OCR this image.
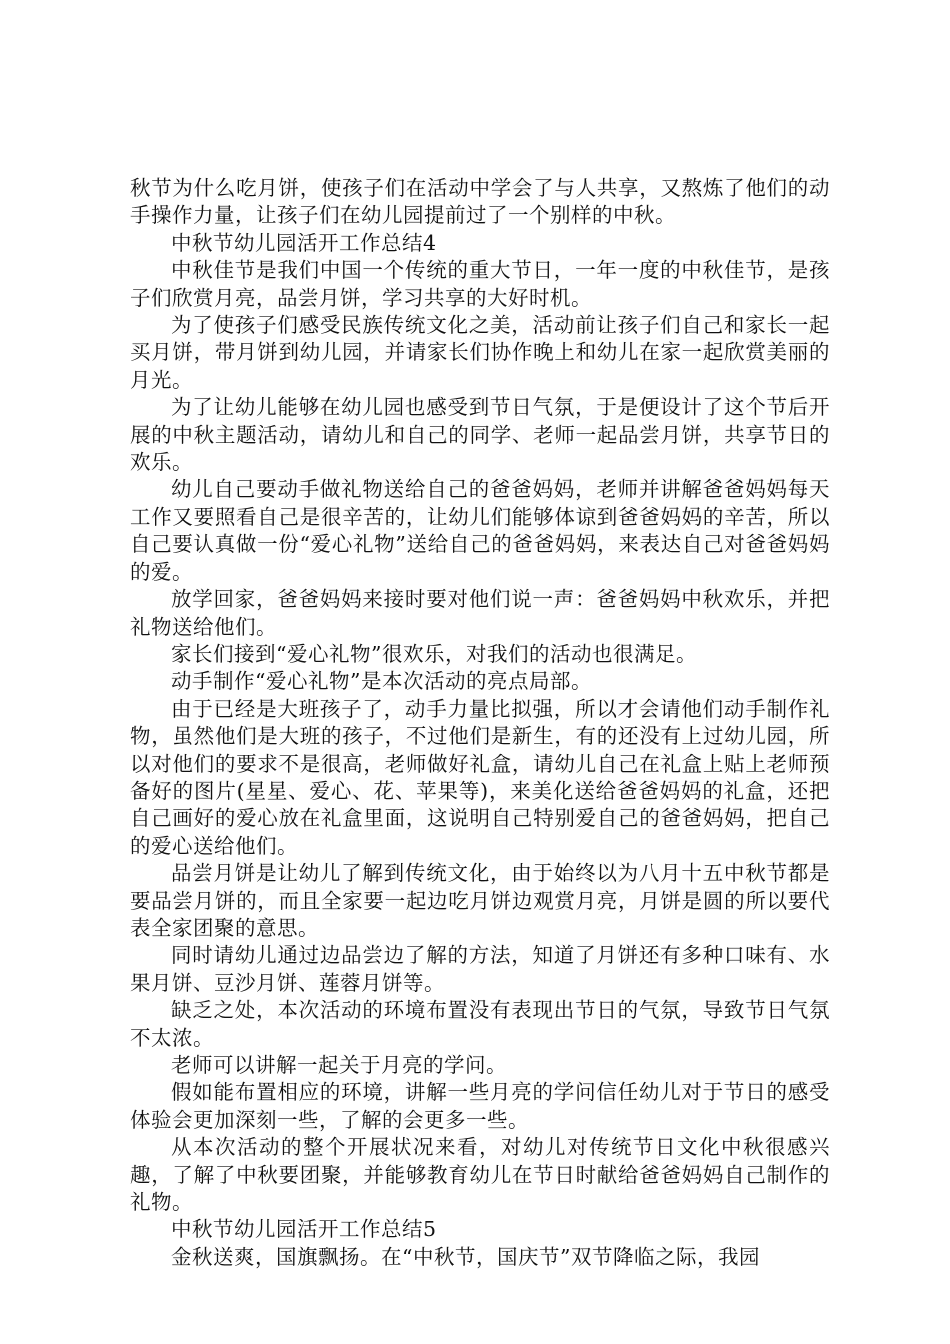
秋节为什么吃月饼，使孩子们在活动中学会了与人共享，又熬炼了他们的动手操作力量，让孩子们在幼儿园提前过了一个别样的中秋。

中秋节幼儿园活开工作总结4

中秋佳节是我们中国一个传统的重大节日，一年一度的中秋佳节，是孩子们欣赏月亮，品尝月饼，学习共享的大好时机。

为了使孩子们感受民族传统文化之美，活动前让孩子们自己和家长一起买月饼，带月饼到幼儿园，并请家长们协作晚上和幼儿在家一起欣赏美丽的月光。

为了让幼儿能够在幼儿园也感受到节日气氛，于是便设计了这个节后开展的中秋主题活动，请幼儿和自己的同学、老师一起品尝月饼，共享节日的欢乐。

幼儿自己要动手做礼物送给自己的爸爸妈妈，老师并讲解爸爸妈妈每天工作又要照看自己是很辛苦的，让幼儿们能够体谅到爸爸妈妈的辛苦，所以自己要认真做一份“爱心礼物”送给自己的爸爸妈妈，来表达自己对爸爸妈妈的爱。

放学回家，爸爸妈妈来接时要对他们说一声：爸爸妈妈中秋欢乐，并把礼物送给他们。

家长们接到“爱心礼物”很欢乐，对我们的活动也很满足。

动手制作“爱心礼物”是本次活动的亮点局部。

由于已经是大班孩子了，动手力量比拟强，所以才会请他们动手制作礼物，虽然他们是大班的孩子，不过他们是新生，有的还没有上过幼儿园，所以对他们的要求不是很高，老师做好礼盒，请幼儿自己在礼盒上贴上老师预备好的图片(星星、爱心、花、苹果等)，来美化送给爸爸妈妈的礼盒，还把自己画好的爱心放在礼盒里面，这说明自己特别爱自己的爸爸妈妈，把自己的爱心送给他们。

品尝月饼是让幼儿了解到传统文化，由于始终以为八月十五中秋节都是要品尝月饼的，而且全家要一起边吃月饼边观赏月亮，月饼是圆的所以要代表全家团聚的意思。

同时请幼儿通过边品尝边了解的方法，知道了月饼还有多种口味有、水果月饼、豆沙月饼、莲蓉月饼等。

缺乏之处，本次活动的环境布置没有表现出节日的气氛，导致节日气氛不太浓。

老师可以讲解一起关于月亮的学问。

假如能布置相应的环境，讲解一些月亮的学问信任幼儿对于节日的感受体验会更加深刻一些，了解的会更多一些。

从本次活动的整个开展状况来看，对幼儿对传统节日文化中秋很感兴趣，了解了中秋要团聚，并能够教育幼儿在节日时献给爸爸妈妈自己制作的礼物。

中秋节幼儿园活开工作总结5

金秋送爽，国旗飘扬。在“中秋节，国庆节”双节降临之际，我园
